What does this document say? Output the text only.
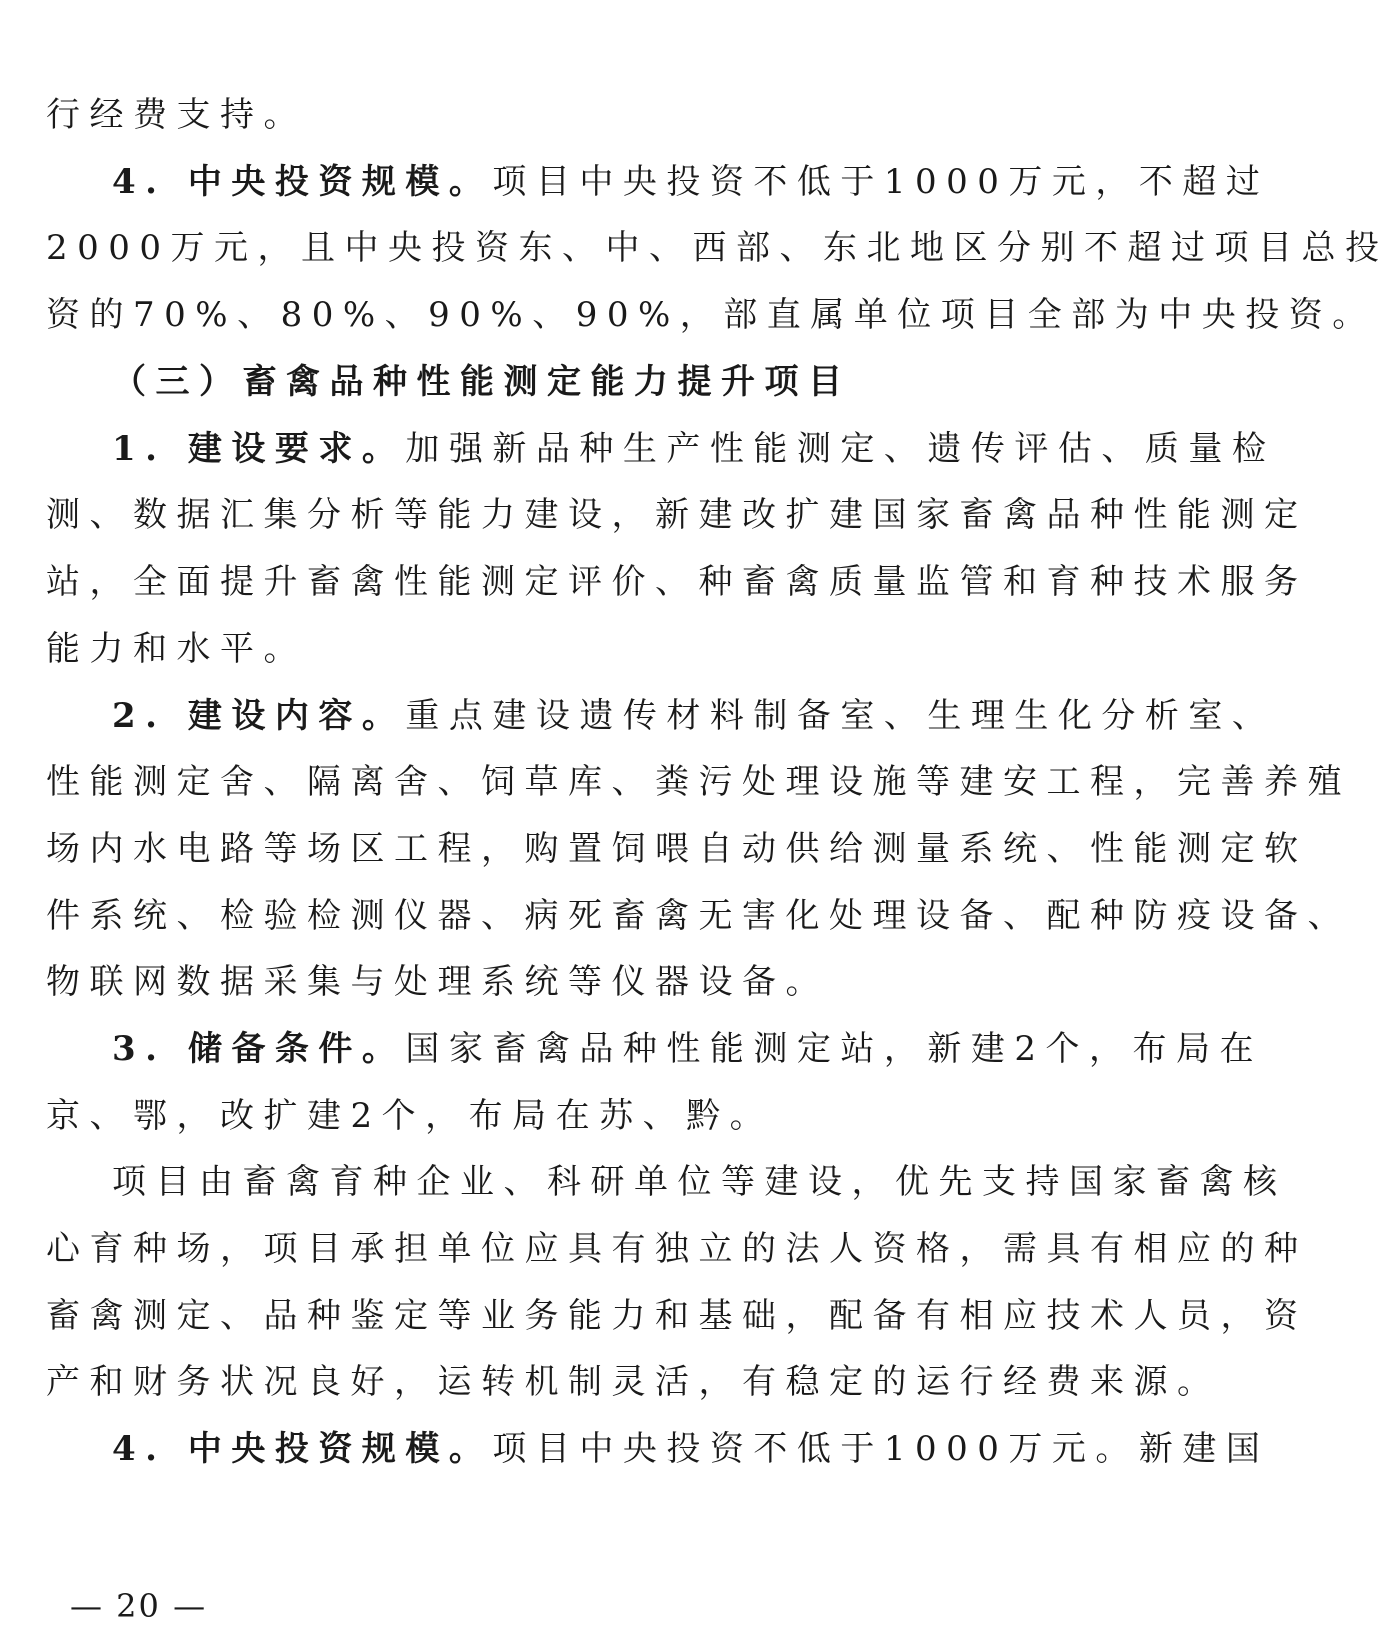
行经费支持。
4. 中央投资规模。项目中央投资不低于1000万元，不超过
2000万元，且中央投资东、中、西部、东北地区分别不超过项目总投
资的70%、80%、90%、90%，部直属单位项目全部为中央投资。
（三）畜禽品种性能测定能力提升项目
1. 建设要求。加强新品种生产性能测定、遗传评估、质量检
测、数据汇集分析等能力建设，新建改扩建国家畜禽品种性能测定
站，全面提升畜禽性能测定评价、种畜禽质量监管和育种技术服务
能力和水平。
2. 建设内容。重点建设遗传材料制备室、生理生化分析室、
性能测定舍、隔离舍、饲草库、粪污处理设施等建安工程，完善养殖
场内水电路等场区工程，购置饲喂自动供给测量系统、性能测定软
件系统、检验检测仪器、病死畜禽无害化处理设备、配种防疫设备、
物联网数据采集与处理系统等仪器设备。
3. 储备条件。国家畜禽品种性能测定站，新建2个，布局在
京、鄂，改扩建2个，布局在苏、黔。
项目由畜禽育种企业、科研单位等建设，优先支持国家畜禽核
心育种场，项目承担单位应具有独立的法人资格，需具有相应的种
畜禽测定、品种鉴定等业务能力和基础，配备有相应技术人员，资
产和财务状况良好，运转机制灵活，有稳定的运行经费来源。
4. 中央投资规模。项目中央投资不低于1000万元。新建国
— 20 —
